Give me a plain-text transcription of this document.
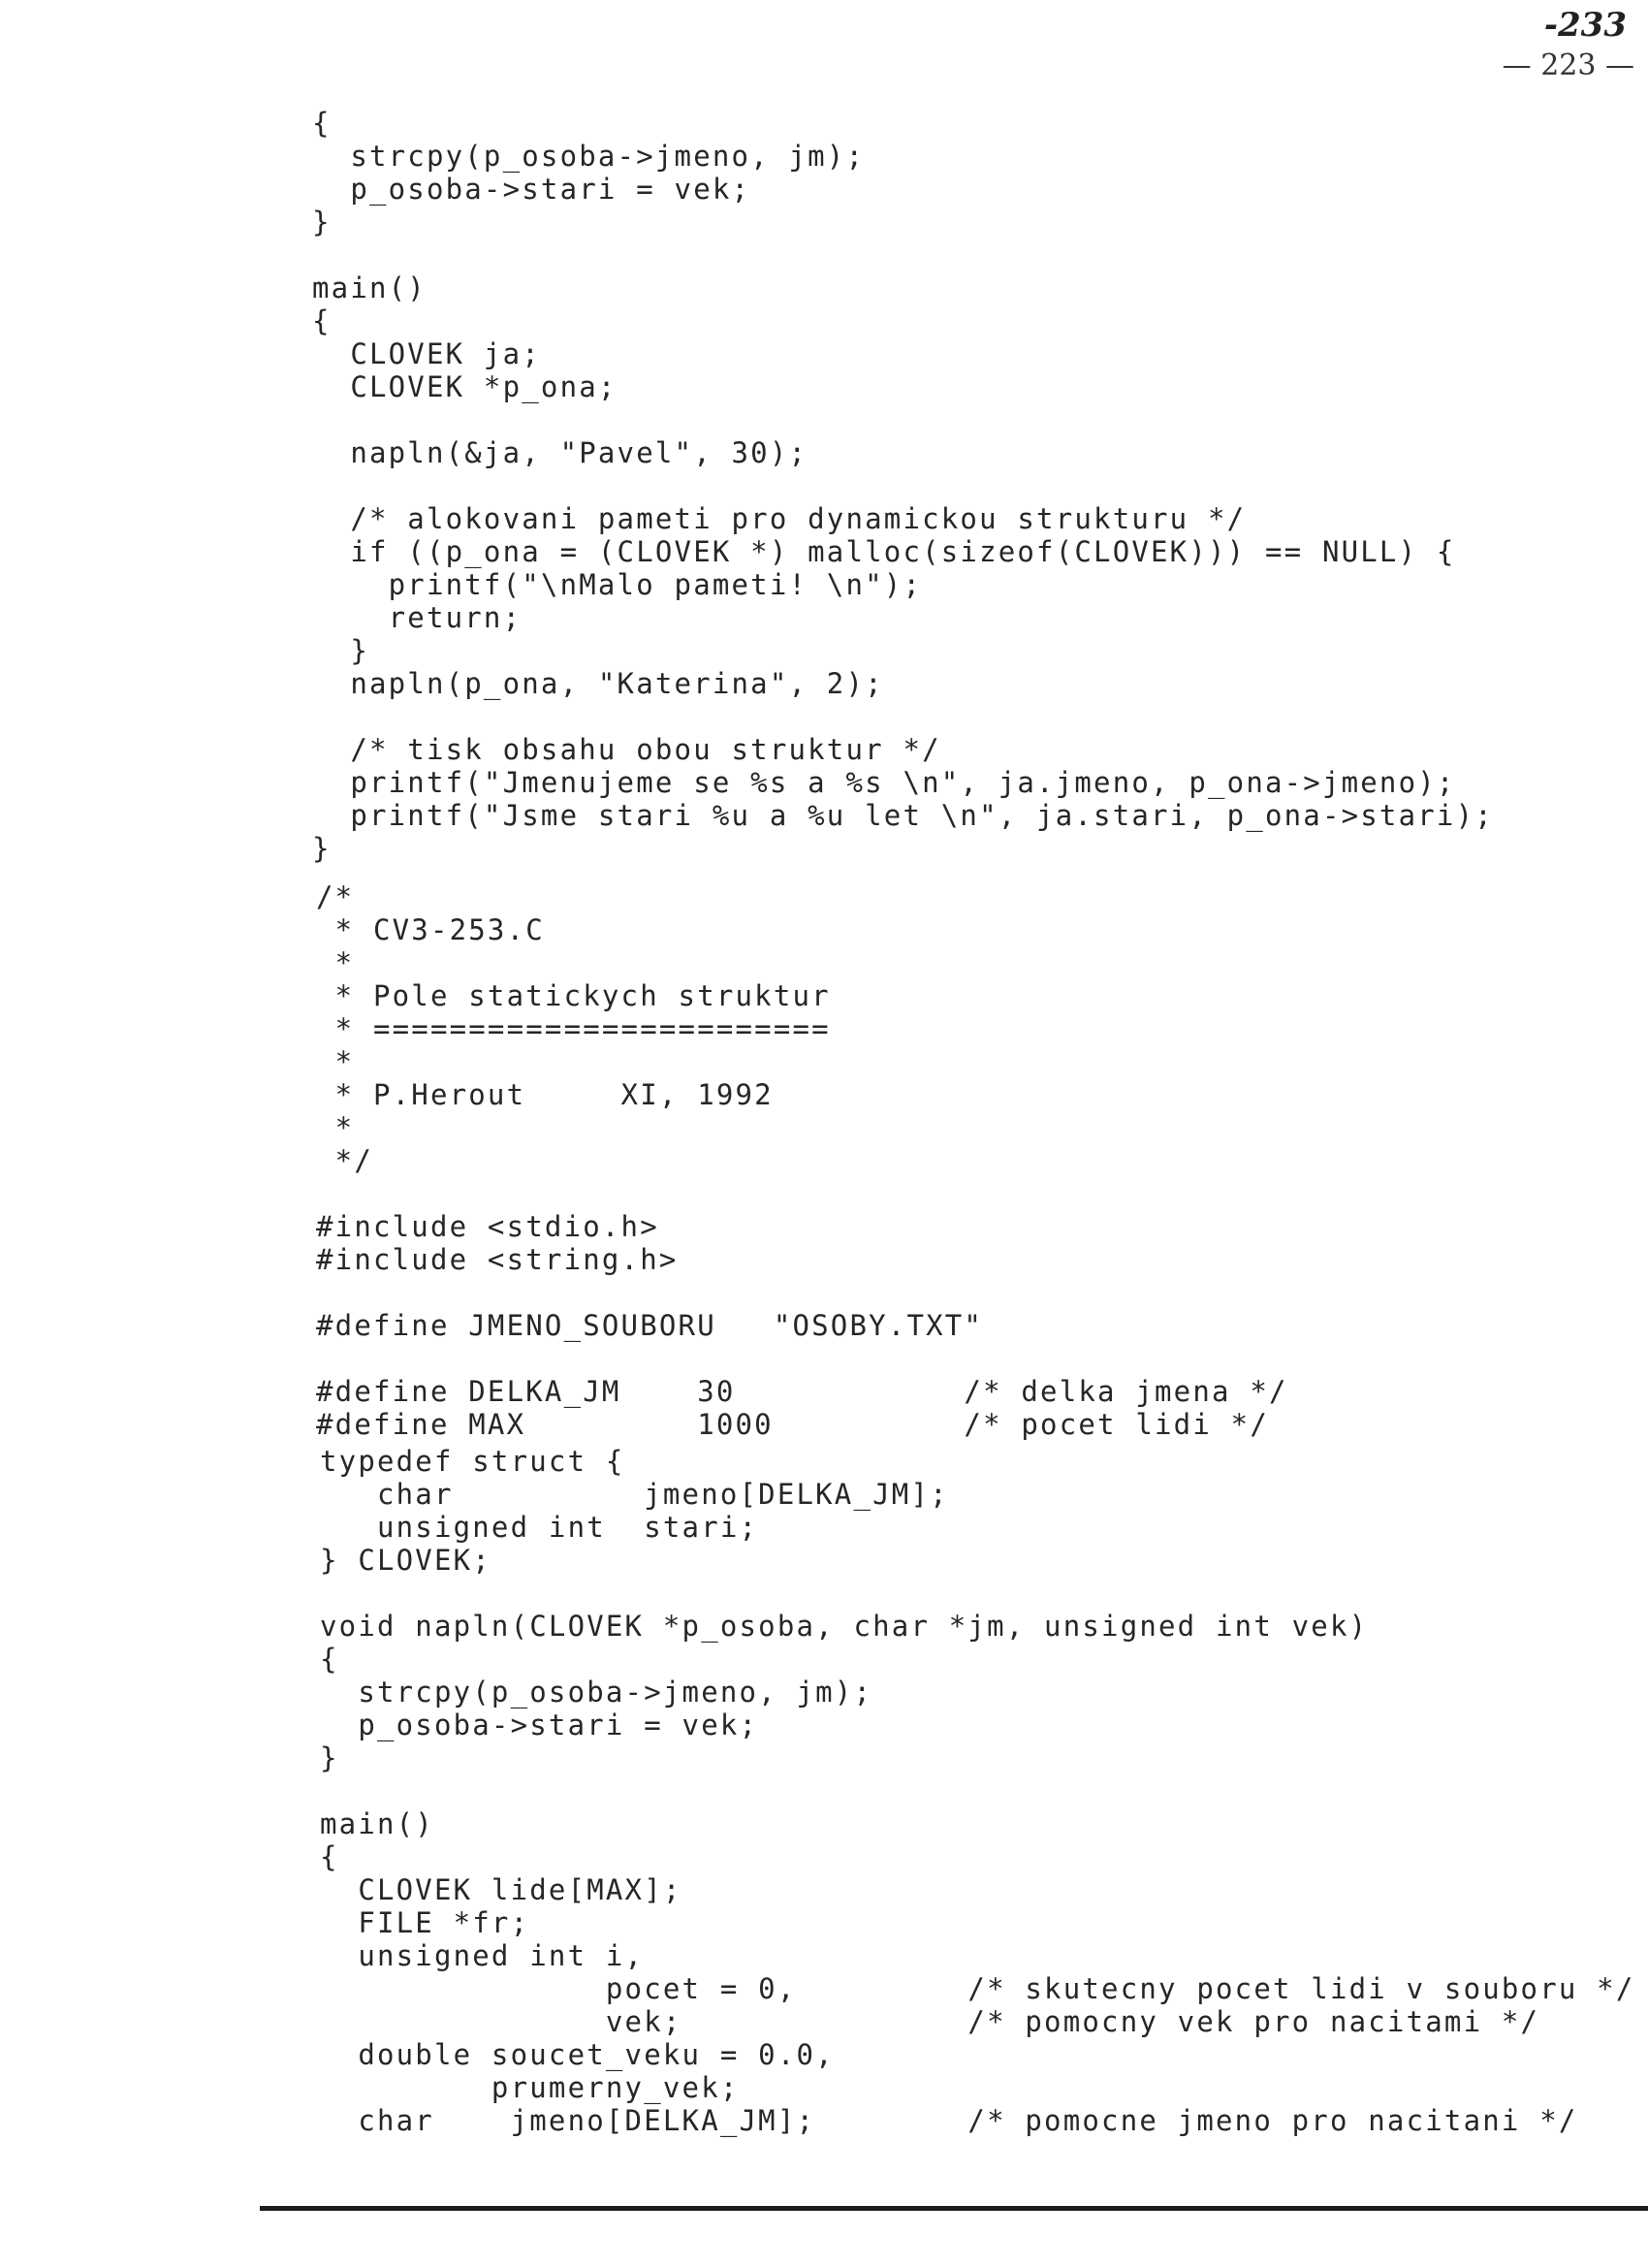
-233
— 223 —
{
strcpy(p_osoba->jmeno, jm);
p_osoba->stari = vek;
}
main()
{
CLOVEK ja;
CLOVEK *p_ona;
napln(&ja, "Pavel", 30);
/* alokovani pameti pro dynamickou strukturu */
if ((p_ona = (CLOVEK *) malloc(sizeof(CLOVEK))) == NULL) {
printf("\nMalo pameti! \n");
return;
}
napln(p_ona, "Katerina", 2);
/* tisk obsahu obou struktur */
printf("Jmenujeme se %s a %s \n", ja.jmeno, p_ona->jmeno);
printf("Jsme stari %u a %u let \n", ja.stari, p_ona->stari);
}
/*
* CV3-253.C
*
* Pole statickych struktur
* ========================
*
* P.Herout     XI, 1992
*
*/
#include <stdio.h>
#include <string.h>
#define JMENO_SOUBORU   "OSOBY.TXT"
#define DELKA_JM    30            /* delka jmena */
#define MAX         1000          /* pocet lidi */
typedef struct {
char          jmeno[DELKA_JM];
unsigned int  stari;
} CLOVEK;
void napln(CLOVEK *p_osoba, char *jm, unsigned int vek)
{
strcpy(p_osoba->jmeno, jm);
p_osoba->stari = vek;
}
main()
{
CLOVEK lide[MAX];
FILE *fr;
unsigned int i,
pocet = 0,         /* skutecny pocet lidi v souboru */
vek;               /* pomocny vek pro nacitami */
double soucet_veku = 0.0,
prumerny_vek;
char    jmeno[DELKA_JM];        /* pomocne jmeno pro nacitani */
